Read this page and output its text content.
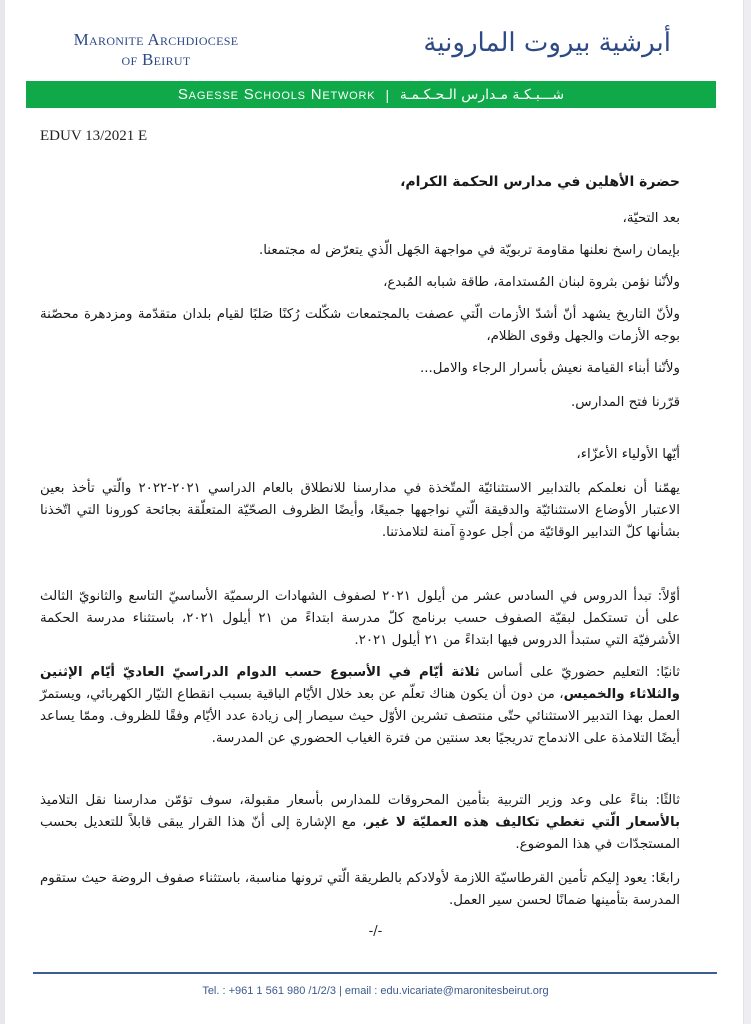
Maronite Archdiocese
of Beirut
أبرشية بيروت المارونية
Sagesse Schools Network | شـــبـكـة مـدارس الـحـكـمـة
EDUV 13/2021 E

حضرة الأهلين في مدارس الحكمة الكرام،

بعد التحيّة،

بإيمان راسخ نعلنها مقاومة تربويّة في مواجهة الجَهل الّذي يتعرّض له مجتمعنا.

ولأنّنا نؤمن بثروة لبنان المُستدامة، طاقة شبابه المُبدع،

ولأنّ التاريخ يشهد أنّ أشدّ الأزمات الّتي عصفت بالمجتمعات شكّلت رُكنًا صَلبًا لقيام بلدان متقدّمة ومزدهرة محصّنة بوجه الأزمات والجهل وقوى الظلام،

ولأنّنا أبناء القيامة نعيش بأسرار الرجاء والامل...

قرّرنا فتح المدارس.

أيّها الأولياء الأعزّاء،

يهمّنا أن نعلمكم بالتدابير الاستثنائيّة المتّخذة في مدارسنا للانطلاق بالعام الدراسي ٢٠٢١-٢٠٢٢ والّتي تأخذ بعين الاعتبار الأوضاع الاستثنائيّة والدقيقة الّتي نواجهها جميعًا، وأيضًا الظروف الصحّيّة المتعلّقة بجائحة كورونا التي اتّخذنا بشأنها كلّ التدابير الوقائيّة من أجل عودةٍ آمنة لتلامذتنا.

أوّلاً: تبدأ الدروس في السادس عشر من أيلول ٢٠٢١ لصفوف الشهادات الرسميّة الأساسيّ التاسع والثانويّ الثالث على أن تستكمل لبقيّة الصفوف حسب برنامج كلّ مدرسة ابتداءً من ٢١ أيلول ٢٠٢١، باستثناء مدرسة الحكمة الأشرفيّة التي ستبدأ الدروس فيها ابتداءً من ٢١ أيلول ٢٠٢١.

ثانيًا: التعليم حضوريّ على أساس ثلاثة أيّام في الأسبوع حسب الدوام الدراسيّ العاديّ أيّام الإثنين والثلاثاء والخميس، من دون أن يكون هناك تعلّم عن بعد خلال الأيّام الباقية بسبب انقطاع التيّار الكهربائي، ويستمرّ العمل بهذا التدبير الاستثنائي حتّى منتصف تشرين الأوّل حيث سيصار إلى زيادة عدد الأيّام وفقًا للظروف. وممّا يساعد أيضًا التلامذة على الاندماج تدريجيًا بعد سنتين من فترة الغياب الحضوري عن المدرسة.

ثالثًا: بناءً على وعد وزير التربية بتأمين المحروقات للمدارس بأسعار مقبولة، سوف تؤمّن مدارسنا نقل التلاميذ بالأسعار الّتي تغطي تكاليف هذه العمليّة لا غير، مع الإشارة إلى أنّ هذا القرار يبقى قابلاً للتعديل بحسب المستجدّات في هذا الموضوع.

رابعًا: يعود إليكم تأمين القرطاسيّة اللازمة لأولادكم بالطريقة الّتي ترونها مناسبة، باستثناء صفوف الروضة حيث ستقوم المدرسة بتأمينها ضمانًا لحسن سير العمل.

-/-
Tel. : +961 1 561 980 /1/2/3 | email : edu.vicariate@maronitesbeirut.org
